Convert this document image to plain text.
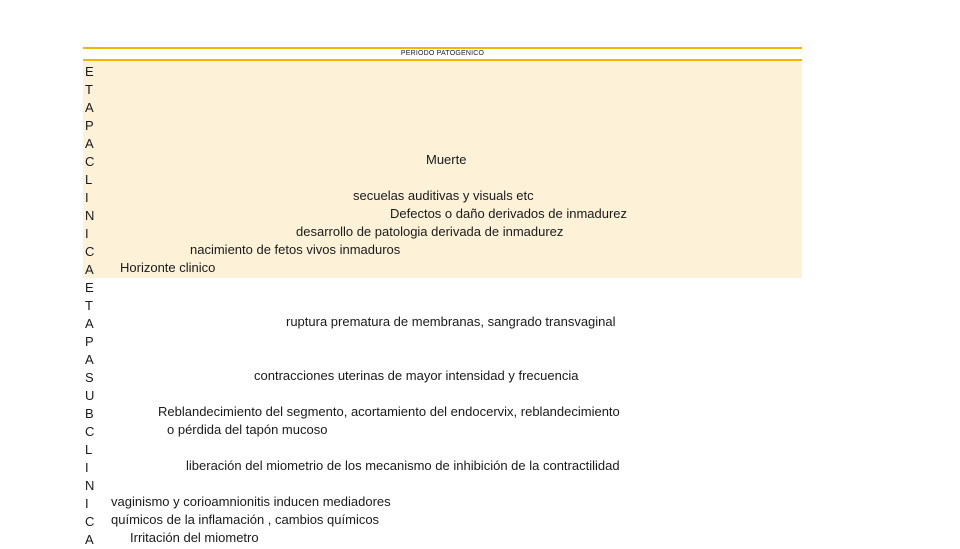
PERIODO PATOGENICO
E
T
A
P
A
C
L
I
N
I
C
A
E
T
A
P
A
S
U
B
C
L
I
N
I
C
A
Muerte
secuelas auditivas y visuals etc
Defectos o daño derivados de inmadurez
desarrollo de patologia derivada de inmadurez
nacimiento de fetos vivos inmaduros
Horizonte clinico
ruptura prematura de membranas, sangrado transvaginal
contracciones uterinas de mayor intensidad y frecuencia
Reblandecimiento del segmento, acortamiento del endocervix, reblandecimiento
o pérdida del tapón mucoso
liberación del miometrio de los mecanismo de inhibición de la contractilidad
vaginismo y corioamnionitis inducen mediadores
químicos de la inflamación , cambios químicos
Irritación del miometro
